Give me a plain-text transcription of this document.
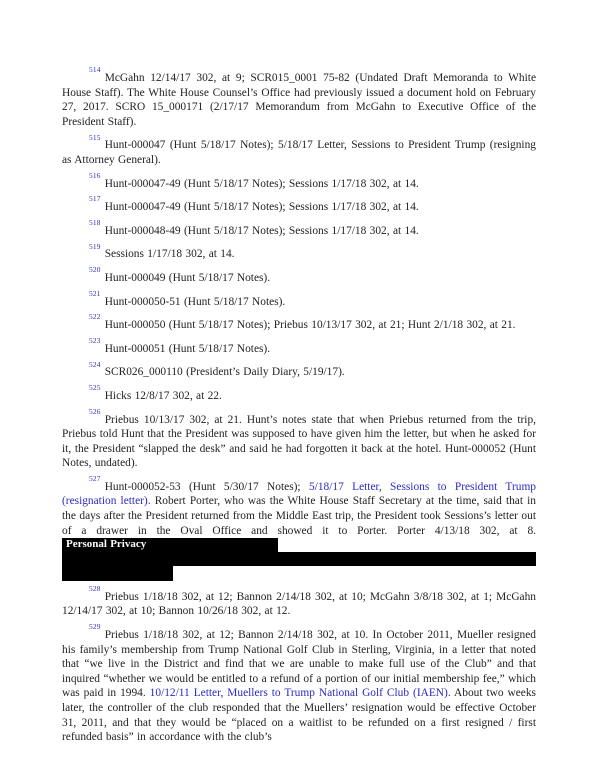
$^{514}$McGahn 12/14/17 302, at 9; SCR015_0001 75-82 (Undated Draft Memoranda to White House Staff). The White House Counsel’s Office had previously issued a document hold on February 27, 2017. SCRO 15_000171 (2/17/17 Memorandum from McGahn to Executive Office of the President Staff).

$^{515}$Hunt-000047 (Hunt 5/18/17 Notes); 5/18/17 Letter, Sessions to President Trump (resigning as Attorney General).

$^{516}$Hunt-000047-49 (Hunt 5/18/17 Notes); Sessions 1/17/18 302, at 14.

$^{517}$Hunt-000047-49 (Hunt 5/18/17 Notes); Sessions 1/17/18 302, at 14.

$^{518}$Hunt-000048-49 (Hunt 5/18/17 Notes); Sessions 1/17/18 302, at 14.

$^{519}$Sessions 1/17/18 302, at 14.

$^{520}$Hunt-000049 (Hunt 5/18/17 Notes).

$^{521}$Hunt-000050-51 (Hunt 5/18/17 Notes).

$^{522}$Hunt-000050 (Hunt 5/18/17 Notes); Priebus 10/13/17 302, at 21; Hunt 2/1/18 302, at 21.

$^{523}$Hunt-000051 (Hunt 5/18/17 Notes).

$^{524}$SCR026_000110 (President’s Daily Diary, 5/19/17).

$^{525}$Hicks 12/8/17 302, at 22.

$^{526}$Priebus 10/13/17 302, at 21. Hunt’s notes state that when Priebus returned from the trip, Priebus told Hunt that the President was supposed to have given him the letter, but when he asked for it, the President “slapped the desk” and said he had forgotten it back at the hotel. Hunt-000052 (Hunt Notes, undated).

$^{527}$Hunt-000052-53 (Hunt 5/30/17 Notes); 5/18/17 Letter, Sessions to President Trump (resignation letter). Robert Porter, who was the White House Staff Secretary at the time, said that in the days after the President returned from the Middle East trip, the President took Sessions’s letter out of a drawer in the Oval Office and showed it to Porter. Porter 4/13/18 302, at 8. Personal Privacy

$^{528}$Priebus 1/18/18 302, at 12; Bannon 2/14/18 302, at 10; McGahn 3/8/18 302, at 1; McGahn 12/14/17 302, at 10; Bannon 10/26/18 302, at 12.

$^{529}$Priebus 1/18/18 302, at 12; Bannon 2/14/18 302, at 10. In October 2011, Mueller resigned his family’s membership from Trump National Golf Club in Sterling, Virginia, in a letter that noted that “we live in the District and find that we are unable to make full use of the Club” and that inquired “whether we would be entitled to a refund of a portion of our initial membership fee,” which was paid in 1994. 10/12/11 Letter, Muellers to Trump National Golf Club (IAEN). About two weeks later, the controller of the club responded that the Muellers’ resignation would be effective October 31, 2011, and that they would be “placed on a waitlist to be refunded on a first resigned / first refunded basis” in accordance with the club’s
